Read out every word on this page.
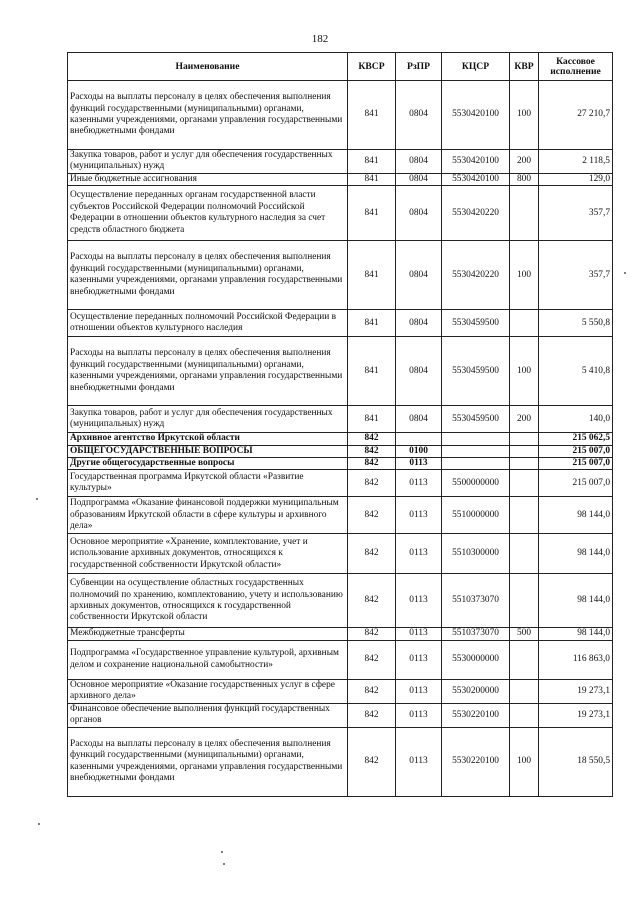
182
Наименование	КВСР	РзПР	КЦСР	КВР	Кассовое исполнение
Расходы на выплаты персоналу в целях обеспечения выполнения функций государственными (муниципальными) органами, казенными учреждениями, органами управления государственными внебюджетными фондами	841	0804	5530420100	100	27 210,7
Закупка товаров, работ и услуг для обеспечения государственных (муниципальных) нужд	841	0804	5530420100	200	2 118,5
Иные бюджетные ассигнования	841	0804	5530420100	800	129,0
Осуществление переданных органам государственной власти субъектов Российской Федерации полномочий Российской Федерации в отношении объектов культурного наследия за счет средств областного бюджета	841	0804	5530420220		357,7
Расходы на выплаты персоналу в целях обеспечения выполнения функций государственными (муниципальными) органами, казенными учреждениями, органами управления государственными внебюджетными фондами	841	0804	5530420220	100	357,7
Осуществление переданных полномочий Российской Федерации в отношении объектов культурного наследия	841	0804	5530459500		5 550,8
Расходы на выплаты персоналу в целях обеспечения выполнения функций государственными (муниципальными) органами, казенными учреждениями, органами управления государственными внебюджетными фондами	841	0804	5530459500	100	5 410,8
Закупка товаров, работ и услуг для обеспечения государственных (муниципальных) нужд	841	0804	5530459500	200	140,0
Архивное агентство Иркутской области	842				215 062,5
ОБЩЕГОСУДАРСТВЕННЫЕ ВОПРОСЫ	842	0100			215 007,0
Другие общегосударственные вопросы	842	0113			215 007,0
Государственная программа Иркутской области «Развитие культуры»	842	0113	5500000000		215 007,0
Подпрограмма «Оказание финансовой поддержки муниципальным образованиям Иркутской области в сфере культуры и архивного дела»	842	0113	5510000000		98 144,0
Основное мероприятие «Хранение, комплектование, учет и использование архивных документов, относящихся к государственной собственности Иркутской области»	842	0113	5510300000		98 144,0
Субвенции на осуществление областных государственных полномочий по хранению, комплектованию, учету и использованию архивных документов, относящихся к государственной собственности Иркутской области	842	0113	5510373070		98 144,0
Межбюджетные трансферты	842	0113	5510373070	500	98 144,0
Подпрограмма «Государственное управление культурой, архивным делом и сохранение национальной самобытности»	842	0113	5530000000		116 863,0
Основное мероприятие «Оказание государственных услуг в сфере архивного дела»	842	0113	5530200000		19 273,1
Финансовое обеспечение выполнения функций государственных органов	842	0113	5530220100		19 273,1
Расходы на выплаты персоналу в целях обеспечения выполнения функций государственными (муниципальными) органами, казенными учреждениями, органами управления государственными внебюджетными фондами	842	0113	5530220100	100	18 550,5
